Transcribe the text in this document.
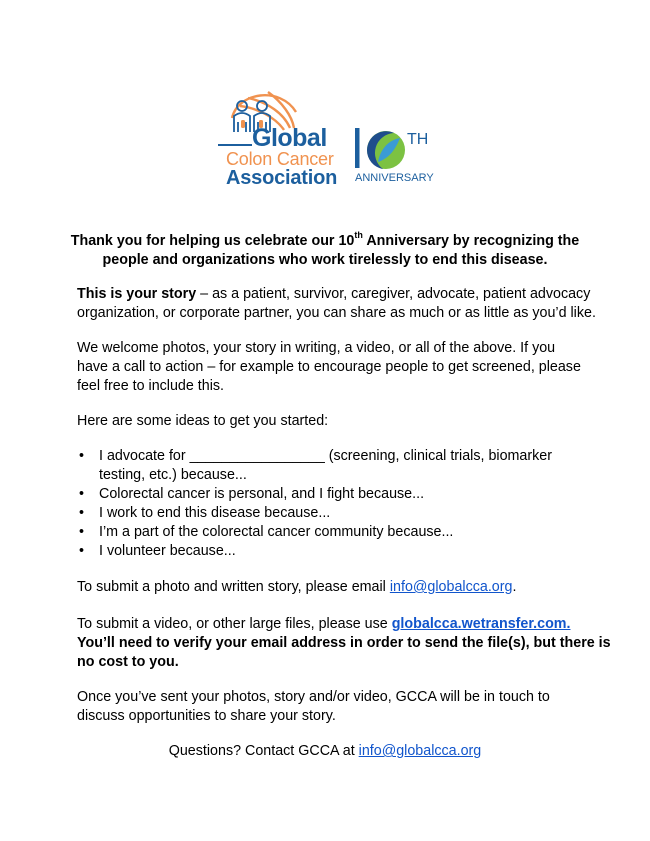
Global
Colon Cancer
Association
TH
ANNIVERSARY
Thank you for helping us celebrate our 10th Anniversary by recognizing the
people and organizations who work tirelessly to end this disease.
This is your story – as a patient, survivor, caregiver, advocate, patient advocacy
organization, or corporate partner, you can share as much or as little as you’d like.
We welcome photos, your story in writing, a video, or all of the above. If you
have a call to action – for example to encourage people to get screened, please
feel free to include this.
Here are some ideas to get you started:
• I advocate for _________________ (screening, clinical trials, biomarker
testing, etc.) because...
• Colorectal cancer is personal, and I fight because...
• I work to end this disease because...
• I’m a part of the colorectal cancer community because...
• I volunteer because...
To submit a photo and written story, please email info@globalcca.org.
To submit a video, or other large files, please use globalcca.wetransfer.com.
You’ll need to verify your email address in order to send the file(s), but there is
no cost to you.
Once you’ve sent your photos, story and/or video, GCCA will be in touch to
discuss opportunities to share your story.
Questions? Contact GCCA at info@globalcca.org
